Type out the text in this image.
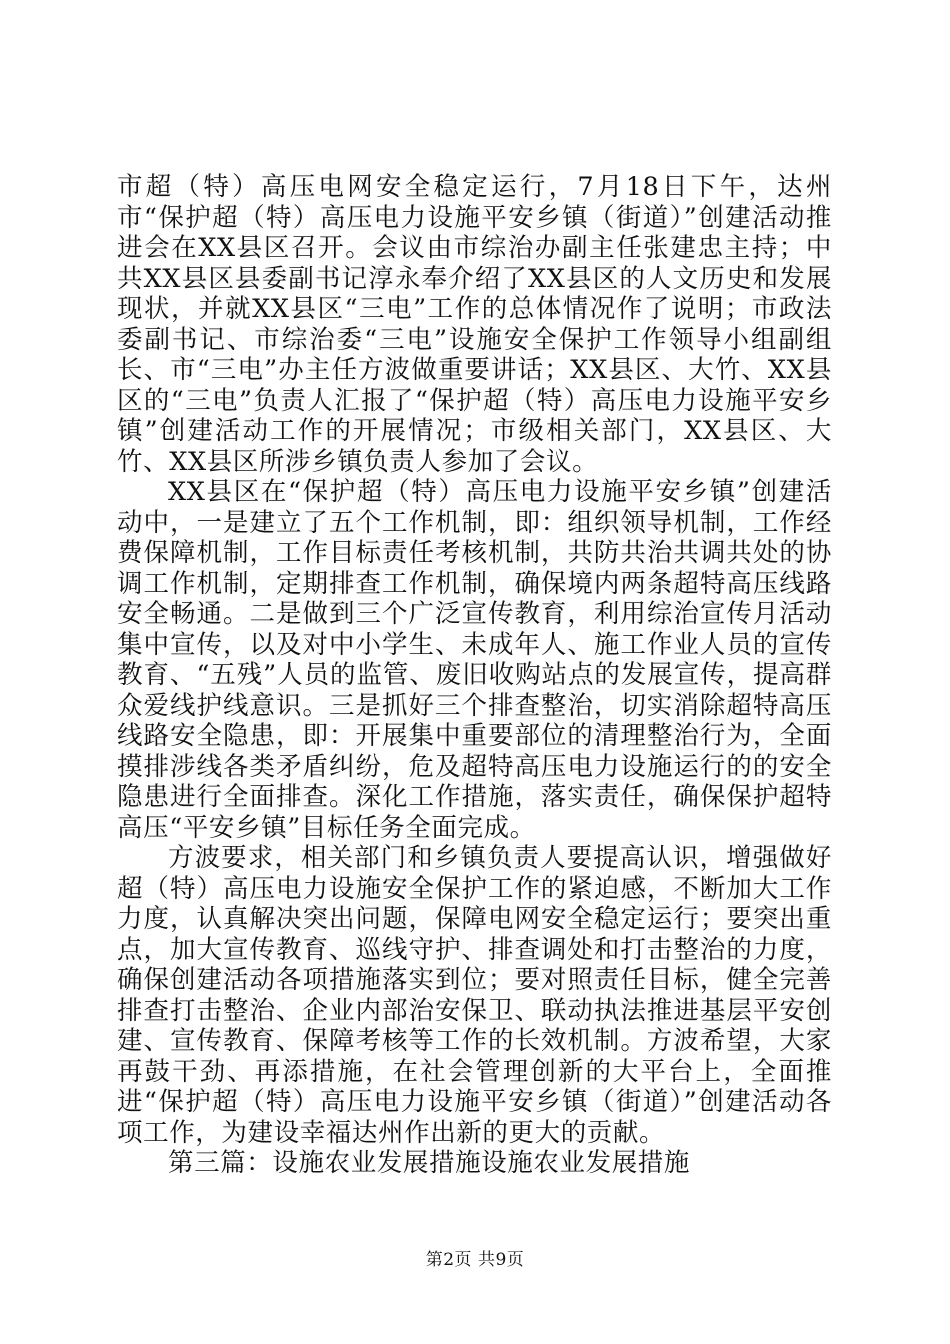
市超（特）高压电网安全稳定运行，7月18日下午，达州市“保护超（特）高压电力设施平安乡镇（街道）”创建活动推进会在XX县区召开。会议由市综治办副主任张建忠主持；中共XX县区县委副书记淳永奉介绍了XX县区的人文历史和发展现状，并就XX县区“三电”工作的总体情况作了说明；市政法委副书记、市综治委“三电”设施安全保护工作领导小组副组长、市“三电”办主任方波做重要讲话；XX县区、大竹、XX县区的“三电”负责人汇报了“保护超（特）高压电力设施平安乡镇”创建活动工作的开展情况；市级相关部门，XX县区、大竹、XX县区所涉乡镇负责人参加了会议。

XX县区在“保护超（特）高压电力设施平安乡镇”创建活动中，一是建立了五个工作机制，即：组织领导机制，工作经费保障机制，工作目标责任考核机制，共防共治共调共处的协调工作机制，定期排查工作机制，确保境内两条超特高压线路安全畅通。二是做到三个广泛宣传教育，利用综治宣传月活动集中宣传，以及对中小学生、未成年人、施工作业人员的宣传教育、“五残”人员的监管、废旧收购站点的发展宣传，提高群众爱线护线意识。三是抓好三个排查整治，切实消除超特高压线路安全隐患，即：开展集中重要部位的清理整治行为，全面摸排涉线各类矛盾纠纷，危及超特高压电力设施运行的的安全隐患进行全面排查。深化工作措施，落实责任，确保保护超特高压“平安乡镇”目标任务全面完成。

方波要求，相关部门和乡镇负责人要提高认识，增强做好超（特）高压电力设施安全保护工作的紧迫感，不断加大工作力度，认真解决突出问题，保障电网安全稳定运行；要突出重点，加大宣传教育、巡线守护、排查调处和打击整治的力度，确保创建活动各项措施落实到位；要对照责任目标，健全完善排查打击整治、企业内部治安保卫、联动执法推进基层平安创建、宣传教育、保障考核等工作的长效机制。方波希望，大家再鼓干劲、再添措施，在社会管理创新的大平台上，全面推进“保护超（特）高压电力设施平安乡镇（街道）”创建活动各项工作，为建设幸福达州作出新的更大的贡献。

第三篇：设施农业发展措施设施农业发展措施

第2页 共9页
